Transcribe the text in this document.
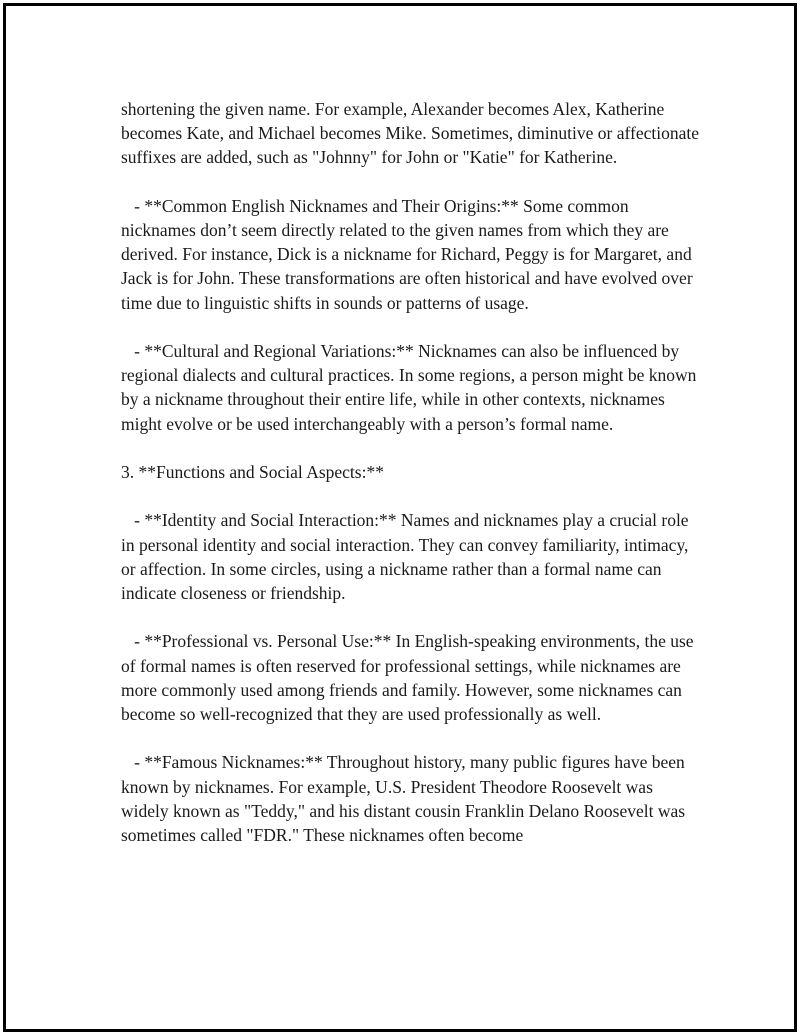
shortening the given name. For example, Alexander becomes Alex, Katherine becomes Kate, and Michael becomes Mike. Sometimes, diminutive or affectionate suffixes are added, such as "Johnny" for John or "Katie" for Katherine.

- **Common English Nicknames and Their Origins:** Some common nicknames don’t seem directly related to the given names from which they are derived. For instance, Dick is a nickname for Richard, Peggy is for Margaret, and Jack is for John. These transformations are often historical and have evolved over time due to linguistic shifts in sounds or patterns of usage.

- **Cultural and Regional Variations:** Nicknames can also be influenced by regional dialects and cultural practices. In some regions, a person might be known by a nickname throughout their entire life, while in other contexts, nicknames might evolve or be used interchangeably with a person’s formal name.

3. **Functions and Social Aspects:**

- **Identity and Social Interaction:** Names and nicknames play a crucial role in personal identity and social interaction. They can convey familiarity, intimacy, or affection. In some circles, using a nickname rather than a formal name can indicate closeness or friendship.

- **Professional vs. Personal Use:** In English-speaking environments, the use of formal names is often reserved for professional settings, while nicknames are more commonly used among friends and family. However, some nicknames can become so well-recognized that they are used professionally as well.

- **Famous Nicknames:** Throughout history, many public figures have been known by nicknames. For example, U.S. President Theodore Roosevelt was widely known as "Teddy," and his distant cousin Franklin Delano Roosevelt was sometimes called "FDR." These nicknames often become
